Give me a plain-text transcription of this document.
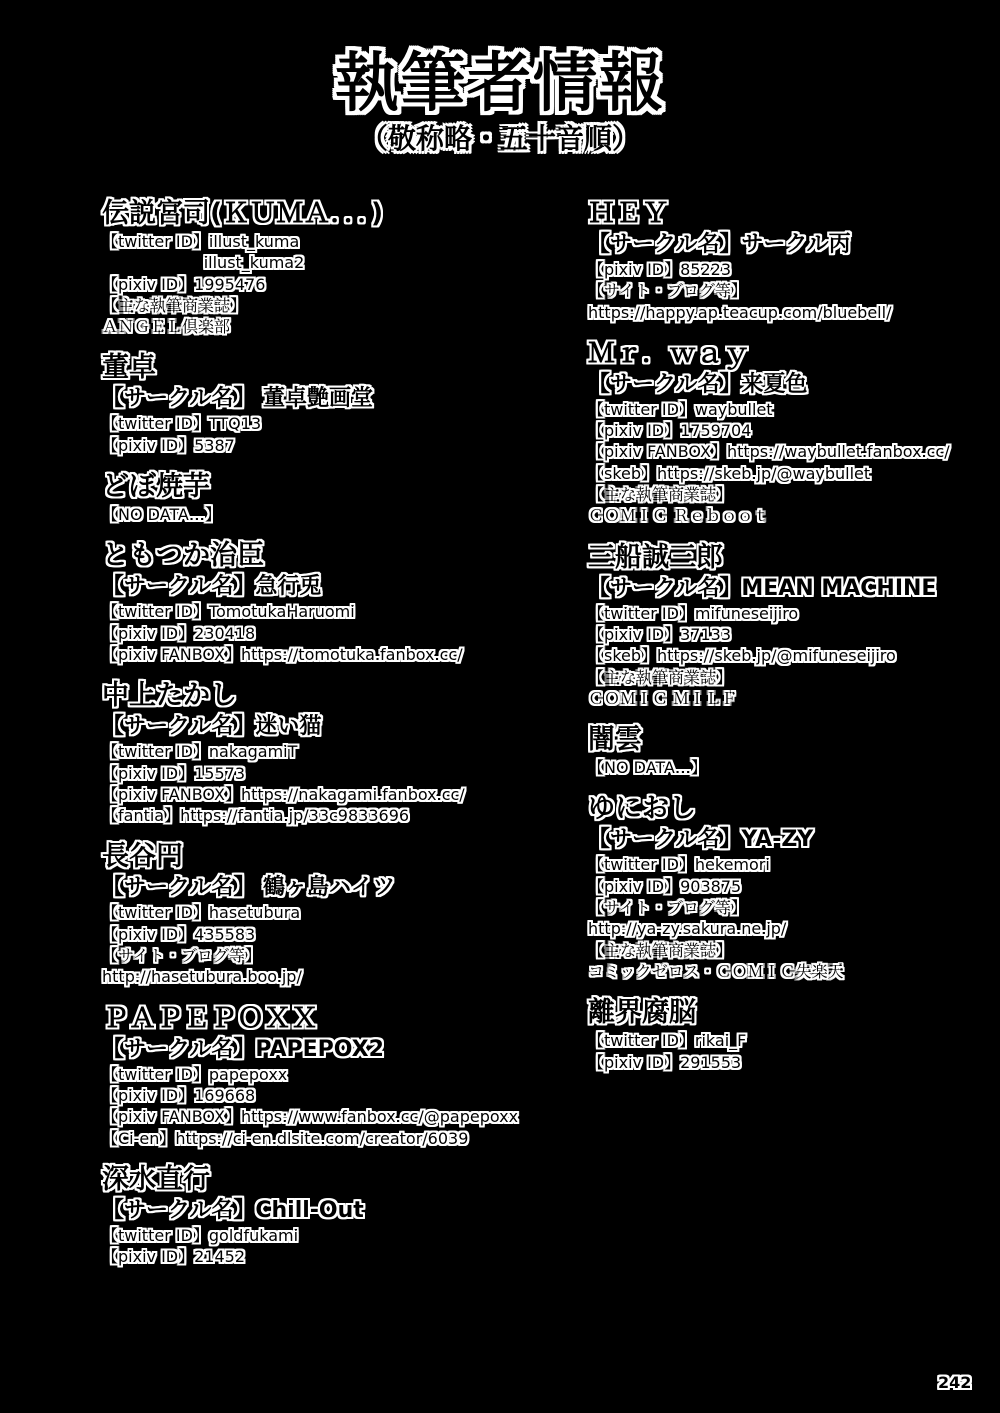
執筆者情報
（敬称略・五十音順）
伝説宮司(ＫＵＭＡ．．．)
【twitter ID】illust_kuma
illust_kuma2
【pixiv ID】1995476
【主な執筆商業誌】
ＡＮＧＥＬ倶楽部
董卓
【サークル名】 董卓艶画堂
【twitter ID】TTQ13
【pixiv ID】5387
どぼ焼芋
【NO DATA…】
ともつか治臣
【サークル名】急行兎
【twitter ID】TomotukaHaruomi
【pixiv ID】230418
【pixiv FANBOX】https://tomotuka.fanbox.cc/
中上たかし
【サークル名】迷い猫
【twitter ID】nakagamiT
【pixiv ID】15573
【pixiv FANBOX】https://nakagami.fanbox.cc/
【fantia】https://fantia.jp/33c9833696
長谷円
【サークル名】 鶴ヶ島ハイツ
【twitter ID】hasetubura
【pixiv ID】435583
【サイト・ブログ等】
http://hasetubura.boo.jp/
ＰＡＰＥＰＯＸＸ
【サークル名】PAPEPOX2
【twitter ID】papepoxx
【pixiv ID】169668
【pixiv FANBOX】https://www.fanbox.cc/@papepoxx
【Ci-en】https://ci-en.dlsite.com/creator/6039
深水直行
【サークル名】Chill-Out
【twitter ID】goldfukami
【pixiv ID】21452
ＨＥＹ
【サークル名】サークル丙
【pixiv ID】85223
【サイト・ブログ等】
https://happy.ap.teacup.com/bluebell/
Ｍｒ．ｗａｙ
【サークル名】来夏色
【twitter ID】waybullet
【pixiv ID】1759704
【pixiv FANBOX】https://waybullet.fanbox.cc/
【skeb】https://skeb.jp/@waybullet
【主な執筆商業誌】
ＣＯＭＩＣ Ｒｅｂｏｏｔ
三船誠三郎
【サークル名】MEAN MACHINE
【twitter ID】mifuneseijiro
【pixiv ID】37133
【skeb】https://skeb.jp/@mifuneseijiro
【主な執筆商業誌】
ＣＯＭＩＣ ＭＩＬＦ
闇雲
【NO DATA…】
ゆにおし
【サークル名】YA-ZY
【twitter ID】hekemori
【pixiv ID】903875
【サイト・ブログ等】
http://ya-zy.sakura.ne.jp/
【主な執筆商業誌】
コミックゼロス・ＣＯＭＩＣ失楽天
離界腐脳
【twitter ID】rikai_F
【pixiv ID】291553
242
